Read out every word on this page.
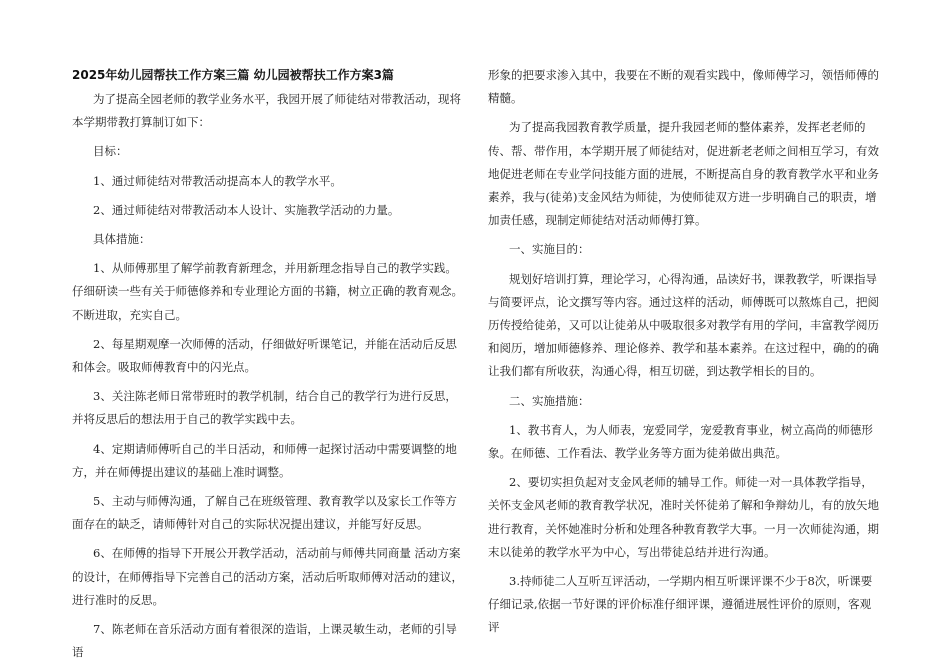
2025年幼儿园帮扶工作方案三篇 幼儿园被帮扶工作方案3篇
为了提高全园老师的教学业务水平，我园开展了师徒结对带教活动，现将本学期带教打算制订如下：
目标：
1、通过师徒结对带教活动提高本人的教学水平。
2、通过师徒结对带教活动本人设计、实施教学活动的力量。
具体措施：
1、从师傅那里了解学前教育新理念，并用新理念指导自己的教学实践。仔细研读一些有关于师德修养和专业理论方面的书籍，树立正确的教育观念。不断进取，充实自己。
2、每星期观摩一次师傅的活动，仔细做好听课笔记，并能在活动后反思和体会。吸取师傅教育中的闪光点。
3、关注陈老师日常带班时的教学机制，结合自己的教学行为进行反思，并将反思后的想法用于自己的教学实践中去。
4、定期请师傅听自己的半日活动，和师傅一起探讨活动中需要调整的地方，并在师傅提出建议的基础上准时调整。
5、主动与师傅沟通，了解自己在班级管理、教育教学以及家长工作等方面存在的缺乏，请师傅针对自己的实际状况提出建议，并能写好反思。
6、在师傅的指导下开展公开教学活动，活动前与师傅共同商量 活动方案的设计，在师傅指导下完善自己的活动方案，活动后听取师傅对活动的建议，进行准时的反思。
7、陈老师在音乐活动方面有着很深的造诣，上课灵敏生动，老师的引导语
形象的把要求渗入其中，我要在不断的观看实践中，像师傅学习，领悟师傅的精髓。
为了提高我园教育教学质量，提升我园老师的整体素养，发挥老老师的传、帮、带作用，本学期开展了师徒结对，促进新老老师之间相互学习，有效地促进老师在专业学问技能方面的进展，不断提高自身的教育教学水平和业务素养，我与(徒弟)支金风结为师徒，为使师徒双方进一步明确自己的职责，增加责任感，现制定师徒结对活动师傅打算。
一、实施目的：
规划好培训打算，理论学习，心得沟通，品读好书，课教教学，听课指导与简要评点，论文撰写等内容。通过这样的活动，师傅既可以熬炼自己，把阅历传授给徒弟，又可以让徒弟从中吸取很多对教学有用的学问，丰富教学阅历和阅历，增加师德修养、理论修养、教学和基本素养。在这过程中，确的的确让我们都有所收获，沟通心得，相互切磋，到达教学相长的目的。
二、实施措施：
1、教书育人，为人师表，宠爱同学，宠爱教育事业，树立高尚的师德形象。在师德、工作看法、教学业务等方面为徒弟做出典范。
2、要切实担负起对支金风老师的辅导工作。师徒一对一具体教学指导，关怀支金风老师的教育教学状况，准时关怀徒弟了解和争辩幼儿，有的放矢地进行教育，关怀她准时分析和处理各种教育教学大事。一月一次师徒沟通，期末以徒弟的教学水平为中心，写出带徒总结并进行沟通。
3.持师徒二人互听互评活动，一学期内相互听课评课不少于8次，听课要仔细记录,依据一节好课的评价标准仔细评课，遵循进展性评价的原则，客观评
